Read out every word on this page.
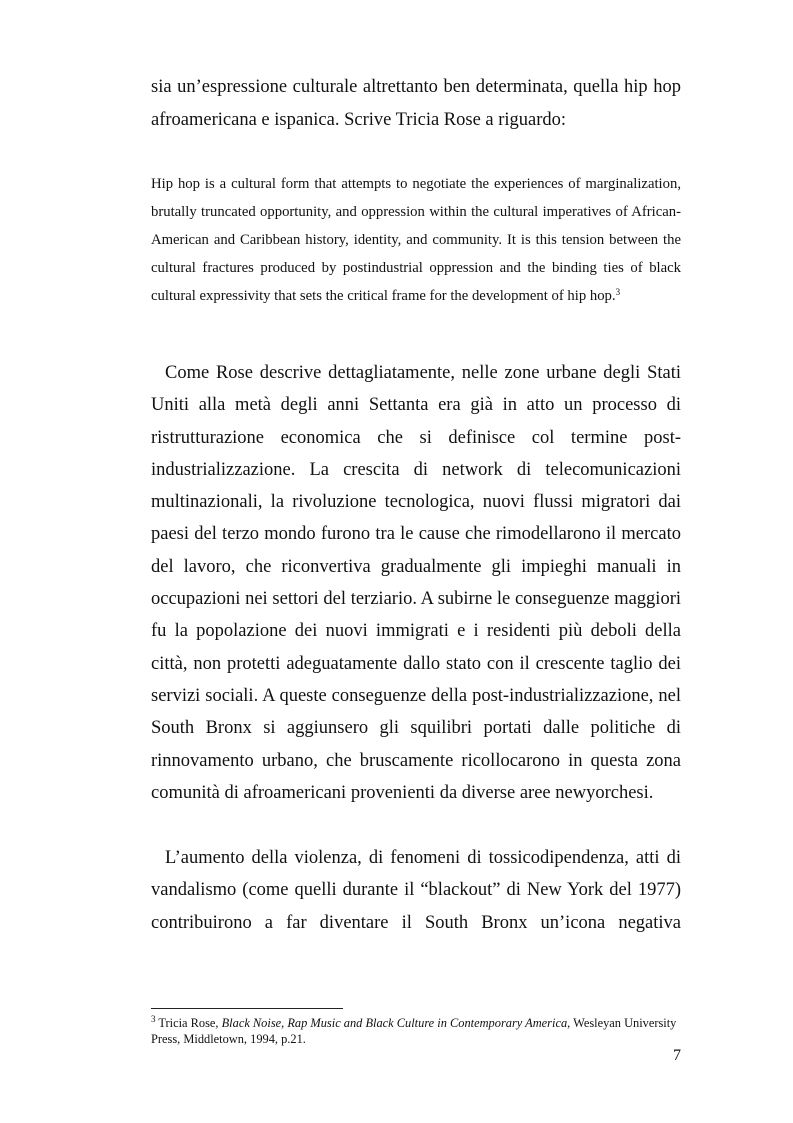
sia un’espressione culturale altrettanto ben determinata, quella hip hop afroamericana e ispanica. Scrive Tricia Rose a riguardo:

Hip hop is a cultural form that attempts to negotiate the experiences of marginalization, brutally truncated opportunity, and oppression within the cultural imperatives of African-American and Caribbean history, identity, and community. It is this tension between the cultural fractures produced by postindustrial oppression and the binding ties of black cultural expressivity that sets the critical frame for the development of hip hop.$^3$

Come Rose descrive dettagliatamente, nelle zone urbane degli Stati Uniti alla metà degli anni Settanta era già in atto un processo di ristrutturazione economica che si definisce col termine post-industrializzazione. La crescita di network di telecomunicazioni multinazionali, la rivoluzione tecnologica, nuovi flussi migratori dai paesi del terzo mondo furono tra le cause che rimodellarono il mercato del lavoro, che riconvertiva gradualmente gli impieghi manuali in occupazioni nei settori del terziario. A subirne le conseguenze maggiori fu la popolazione dei nuovi immigrati e i residenti più deboli della città, non protetti adeguatamente dallo stato con il crescente taglio dei servizi sociali. A queste conseguenze della post-industrializzazione, nel South Bronx si aggiunsero gli squilibri portati dalle politiche di rinnovamento urbano, che bruscamente ricollocarono in questa zona comunità di afroamericani provenienti da diverse aree newyorchesi.

L’aumento della violenza, di fenomeni di tossicodipendenza, atti di vandalismo (come quelli durante il “blackout” di New York del 1977) contribuirono a far diventare il South Bronx un’icona negativa

$^3$ Tricia Rose, Black Noise, Rap Music and Black Culture in Contemporary America, Wesleyan University Press, Middletown, 1994, p.21.

7
